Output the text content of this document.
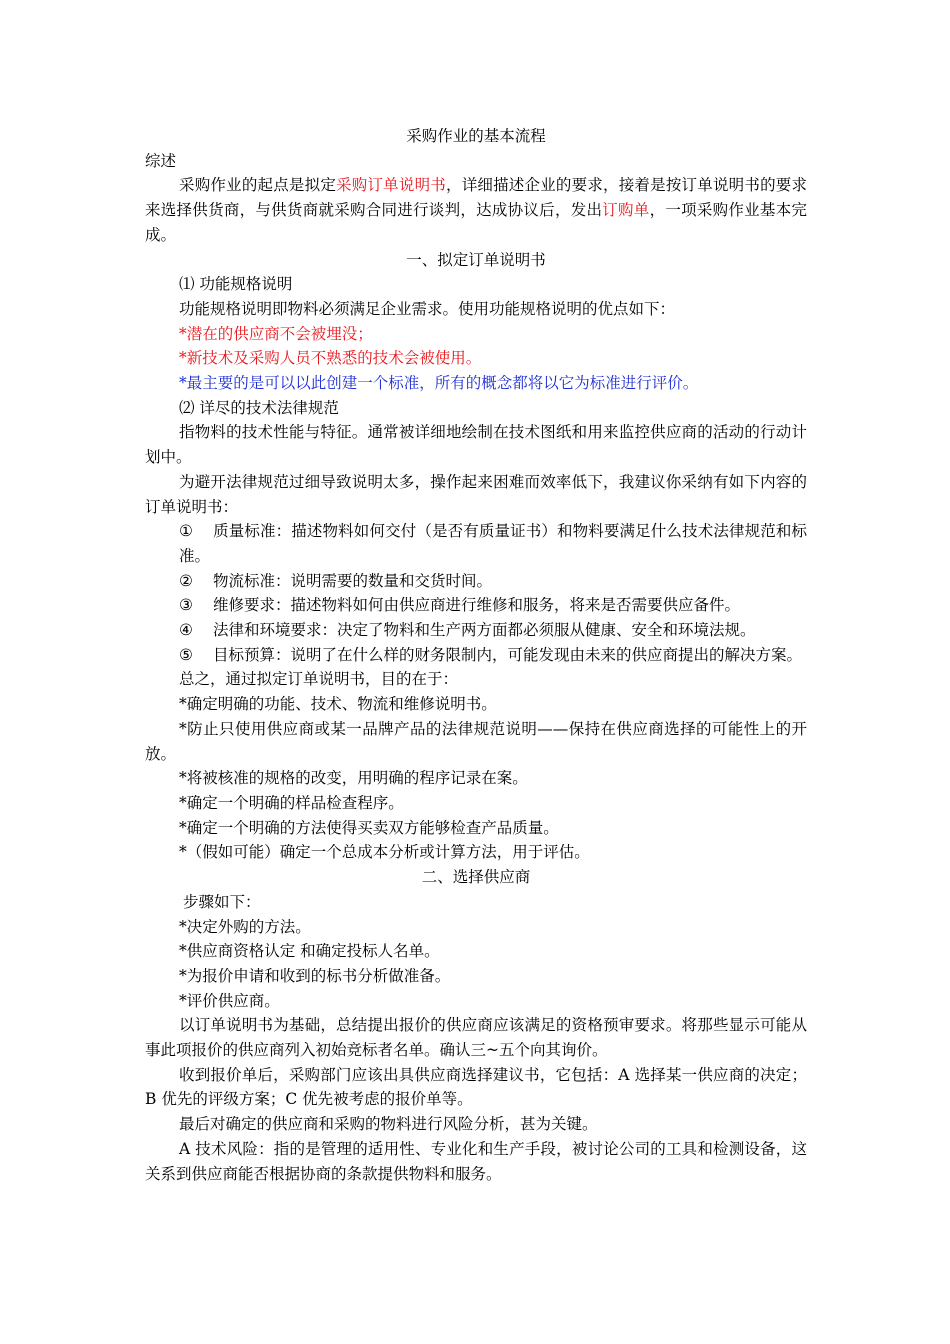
采购作业的基本流程

综述

采购作业的起点是拟定采购订单说明书，详细描述企业的要求，接着是按订单说明书的要求来选择供货商，与供货商就采购合同进行谈判，达成协议后，发出订购单，一项采购作业基本完成。

一、拟定订单说明书

⑴ 功能规格说明

功能规格说明即物料必须满足企业需求。使用功能规格说明的优点如下：

*潜在的供应商不会被埋没；

*新技术及采购人员不熟悉的技术会被使用。

*最主要的是可以以此创建一个标准，所有的概念都将以它为标准进行评价。

⑵ 详尽的技术法律规范

指物料的技术性能与特征。通常被详细地绘制在技术图纸和用来监控供应商的活动的行动计划中。

为避开法律规范过细导致说明太多，操作起来困难而效率低下，我建议你采纳有如下内容的订单说明书：

① 质量标准：描述物料如何交付（是否有质量证书）和物料要满足什么技术法律规范和标准。
②	物流标准：说明需要的数量和交货时间。
③	维修要求：描述物料如何由供应商进行维修和服务，将来是否需要供应备件。
④	法律和环境要求：决定了物料和生产两方面都必须服从健康、安全和环境法规。
⑤	目标预算：说明了在什么样的财务限制内，可能发现由未来的供应商提出的解决方案。

总之，通过拟定订单说明书，目的在于：

*确定明确的功能、技术、物流和维修说明书。

*防止只使用供应商或某一品牌产品的法律规范说明——保持在供应商选择的可能性上的开放。

*将被核准的规格的改变，用明确的程序记录在案。

*确定一个明确的样品检查程序。

*确定一个明确的方法使得买卖双方能够检查产品质量。

*（假如可能）确定一个总成本分析或计算方法，用于评估。

二、选择供应商

步骤如下：

*决定外购的方法。

*供应商资格认定 和确定投标人名单。

*为报价申请和收到的标书分析做准备。

*评价供应商。

以订单说明书为基础，总结提出报价的供应商应该满足的资格预审要求。将那些显示可能从事此项报价的供应商列入初始竞标者名单。确认三~五个向其询价。

收到报价单后，采购部门应该出具供应商选择建议书，它包括：A 选择某一供应商的决定；B 优先的评级方案；C 优先被考虑的报价单等。

最后对确定的供应商和采购的物料进行风险分析，甚为关键。

A 技术风险：指的是管理的适用性、专业化和生产手段，被讨论公司的工具和检测设备，这关系到供应商能否根据协商的条款提供物料和服务。
